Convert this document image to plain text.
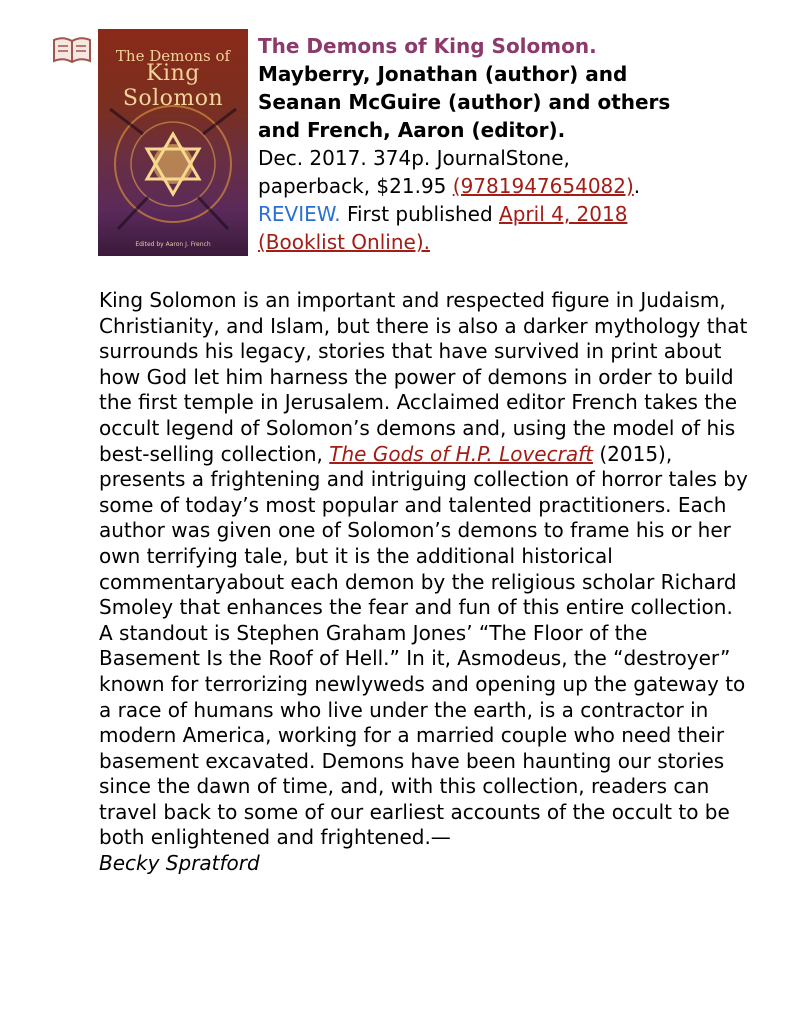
The Demons of
King Solomon
Edited by Aaron J. French
The Demons of King Solomon.
Mayberry, Jonathan (author) and
Seanan McGuire (author) and others
and French, Aaron (editor).
Dec. 2017. 374p. JournalStone,
paperback, $21.95 (9781947654082).
REVIEW. First published April 4, 2018
(Booklist Online).
King Solomon is an important and respected figure in Judaism, Christianity, and Islam, but there is also a darker mythology that surrounds his legacy, stories that have survived in print about how God let him harness the power of demons in order to build the first temple in Jerusalem. Acclaimed editor French takes the occult legend of Solomon’s demons and, using the model of his best-selling collection, The Gods of H.P. Lovecraft (2015), presents a frightening and intriguing collection of horror tales by some of today’s most popular and talented practitioners. Each author was given one of Solomon’s demons to frame his or her own terrifying tale, but it is the additional historical commentaryabout each demon by the religious scholar Richard Smoley that enhances the fear and fun of this entire collection. A standout is Stephen Graham Jones’ “The Floor of the Basement Is the Roof of Hell.” In it, Asmodeus, the “destroyer” known for terrorizing newlyweds and opening up the gateway to a race of humans who live under the earth, is a contractor in modern America, working for a married couple who need their basement excavated. Demons have been haunting our stories since the dawn of time, and, with this collection, readers can travel back to some of our earliest accounts of the occult to be both enlightened and frightened.—
Becky Spratford
